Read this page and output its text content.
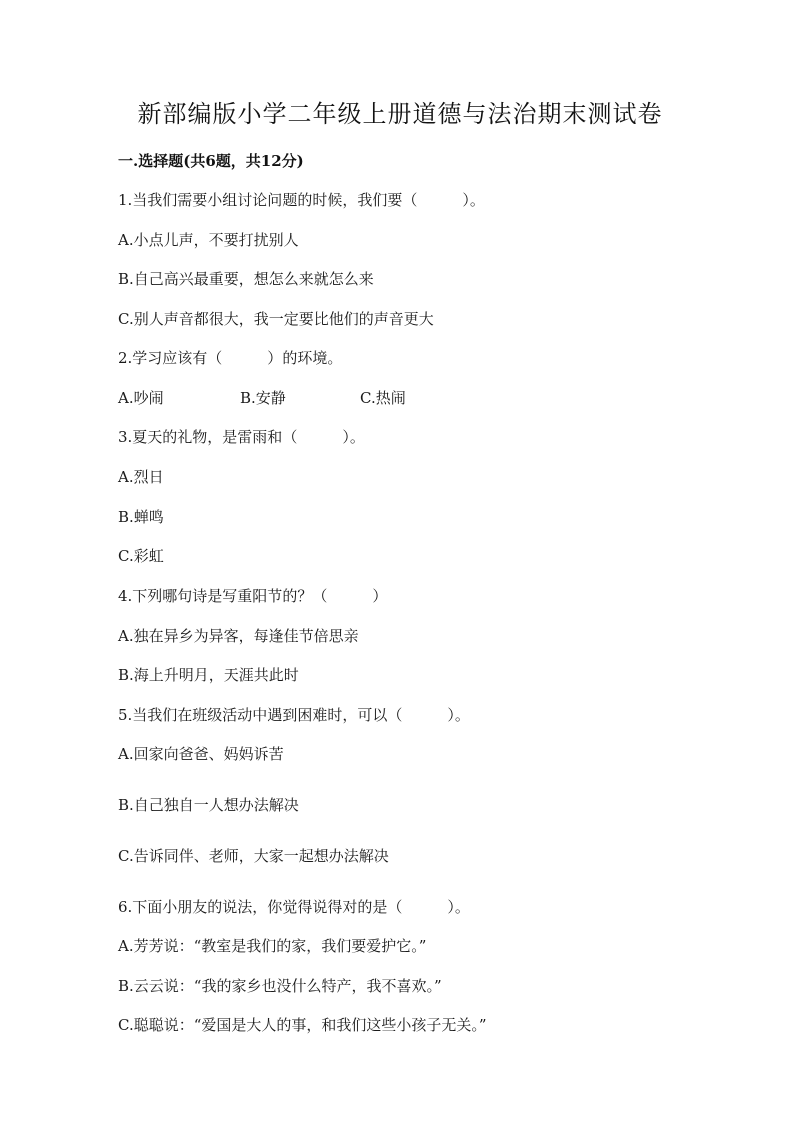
新部编版小学二年级上册道德与法治期末测试卷
一.选择题(共6题，共12分)
1.当我们需要小组讨论问题的时候，我们要（　　　）。
A.小点儿声，不要打扰别人
B.自己高兴最重要，想怎么来就怎么来
C.别人声音都很大，我一定要比他们的声音更大
2.学习应该有（　　　）的环境。
A.吵闹	B.安静	C.热闹
3.夏天的礼物，是雷雨和（　　　）。
A.烈日
B.蝉鸣
C.彩虹
4.下列哪句诗是写重阳节的？（　　　）
A.独在异乡为异客，每逢佳节倍思亲
B.海上升明月，天涯共此时
5.当我们在班级活动中遇到困难时，可以（　　　）。
A.回家向爸爸、妈妈诉苦
B.自己独自一人想办法解决
C.告诉同伴、老师，大家一起想办法解决
6.下面小朋友的说法，你觉得说得对的是（　　　）。
A.芳芳说：“教室是我们的家，我们要爱护它。”
B.云云说：“我的家乡也没什么特产，我不喜欢。”
C.聪聪说：“爱国是大人的事，和我们这些小孩子无关。”
